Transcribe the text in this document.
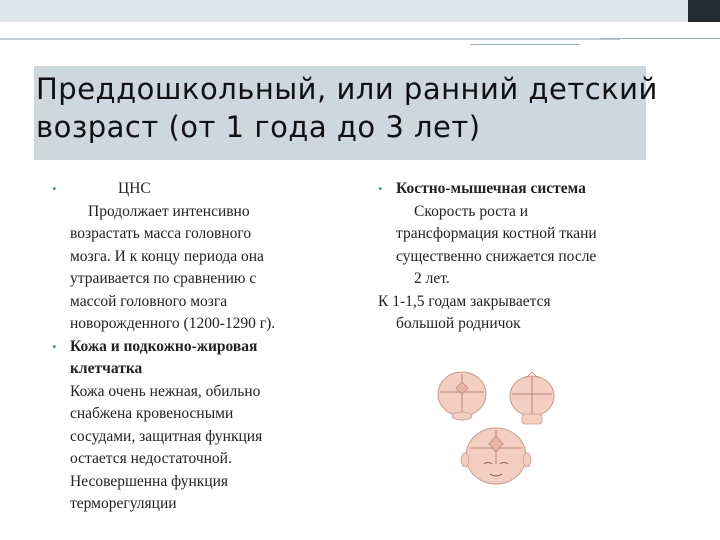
Преддошкольный, или ранний детский
возраст (от 1 года до 3 лет)
•	ЦНС
Продолжает интенсивно
возрастать масса головного
мозга. И к концу периода она
утраивается по сравнению с
массой головного мозга
новорожденного (1200-1290 г).
• Кожа и подкожно-жировая
клетчатка
Кожа очень нежная, обильно
снабжена кровеносными
сосудами, защитная функция
остается недостаточной.
Несовершенна функция
терморегуляции
• Костно-мышечная система
Скорость роста и
трансформация костной ткани
существенно снижается после
2 лет.
К 1-1,5 годам закрывается
большой родничок
